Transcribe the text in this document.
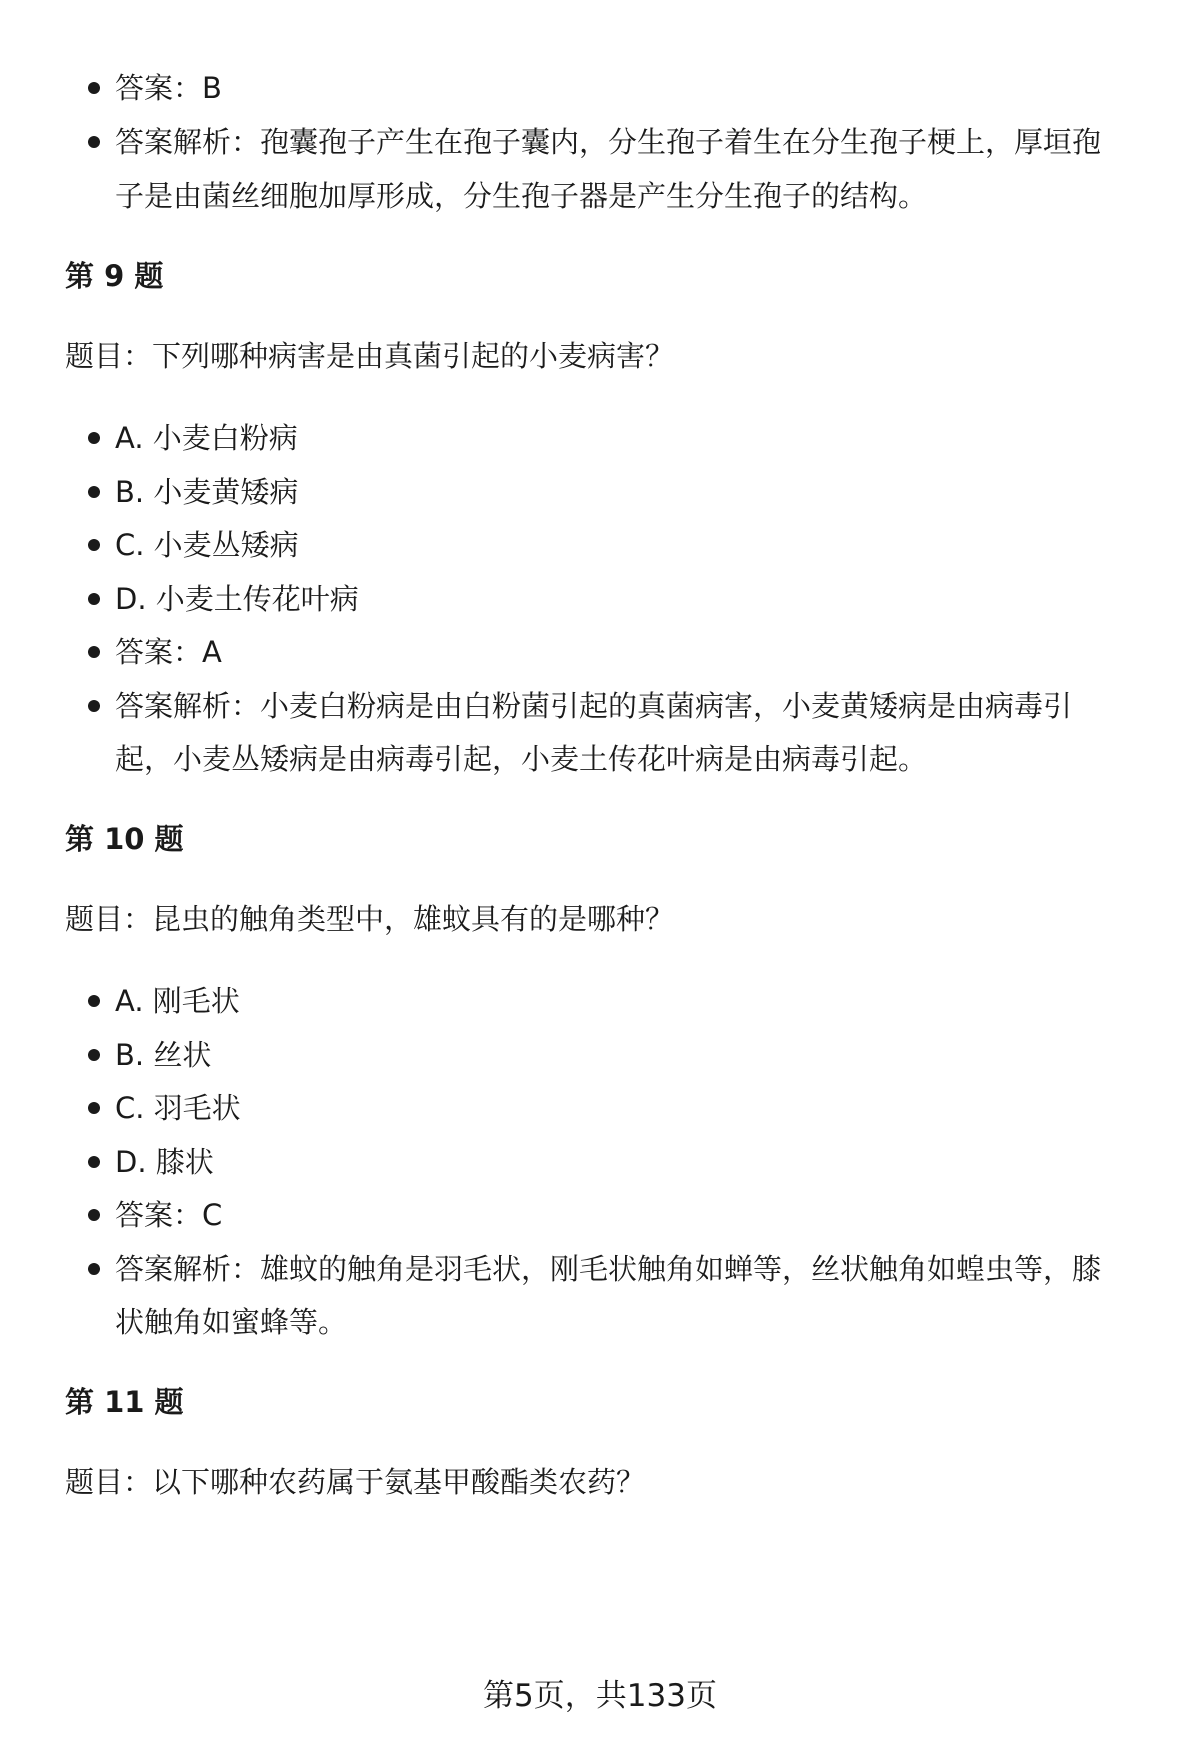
答案：B

答案解析：孢囊孢子产生在孢子囊内，分生孢子着生在分生孢子梗上，厚垣孢

子是由菌丝细胞加厚形成，分生孢子器是产生分生孢子的结构。

第 9 题

题目：下列哪种病害是由真菌引起的小麦病害？

A. 小麦白粉病

B. 小麦黄矮病

C. 小麦丛矮病

D. 小麦土传花叶病

答案：A

答案解析：小麦白粉病是由白粉菌引起的真菌病害，小麦黄矮病是由病毒引

起，小麦丛矮病是由病毒引起，小麦土传花叶病是由病毒引起。

第 10 题

题目：昆虫的触角类型中，雄蚊具有的是哪种？

A. 刚毛状

B. 丝状

C. 羽毛状

D. 膝状

答案：C

答案解析：雄蚊的触角是羽毛状，刚毛状触角如蝉等，丝状触角如蝗虫等，膝

状触角如蜜蜂等。

第 11 题

题目：以下哪种农药属于氨基甲酸酯类农药？

第5页，共133页
